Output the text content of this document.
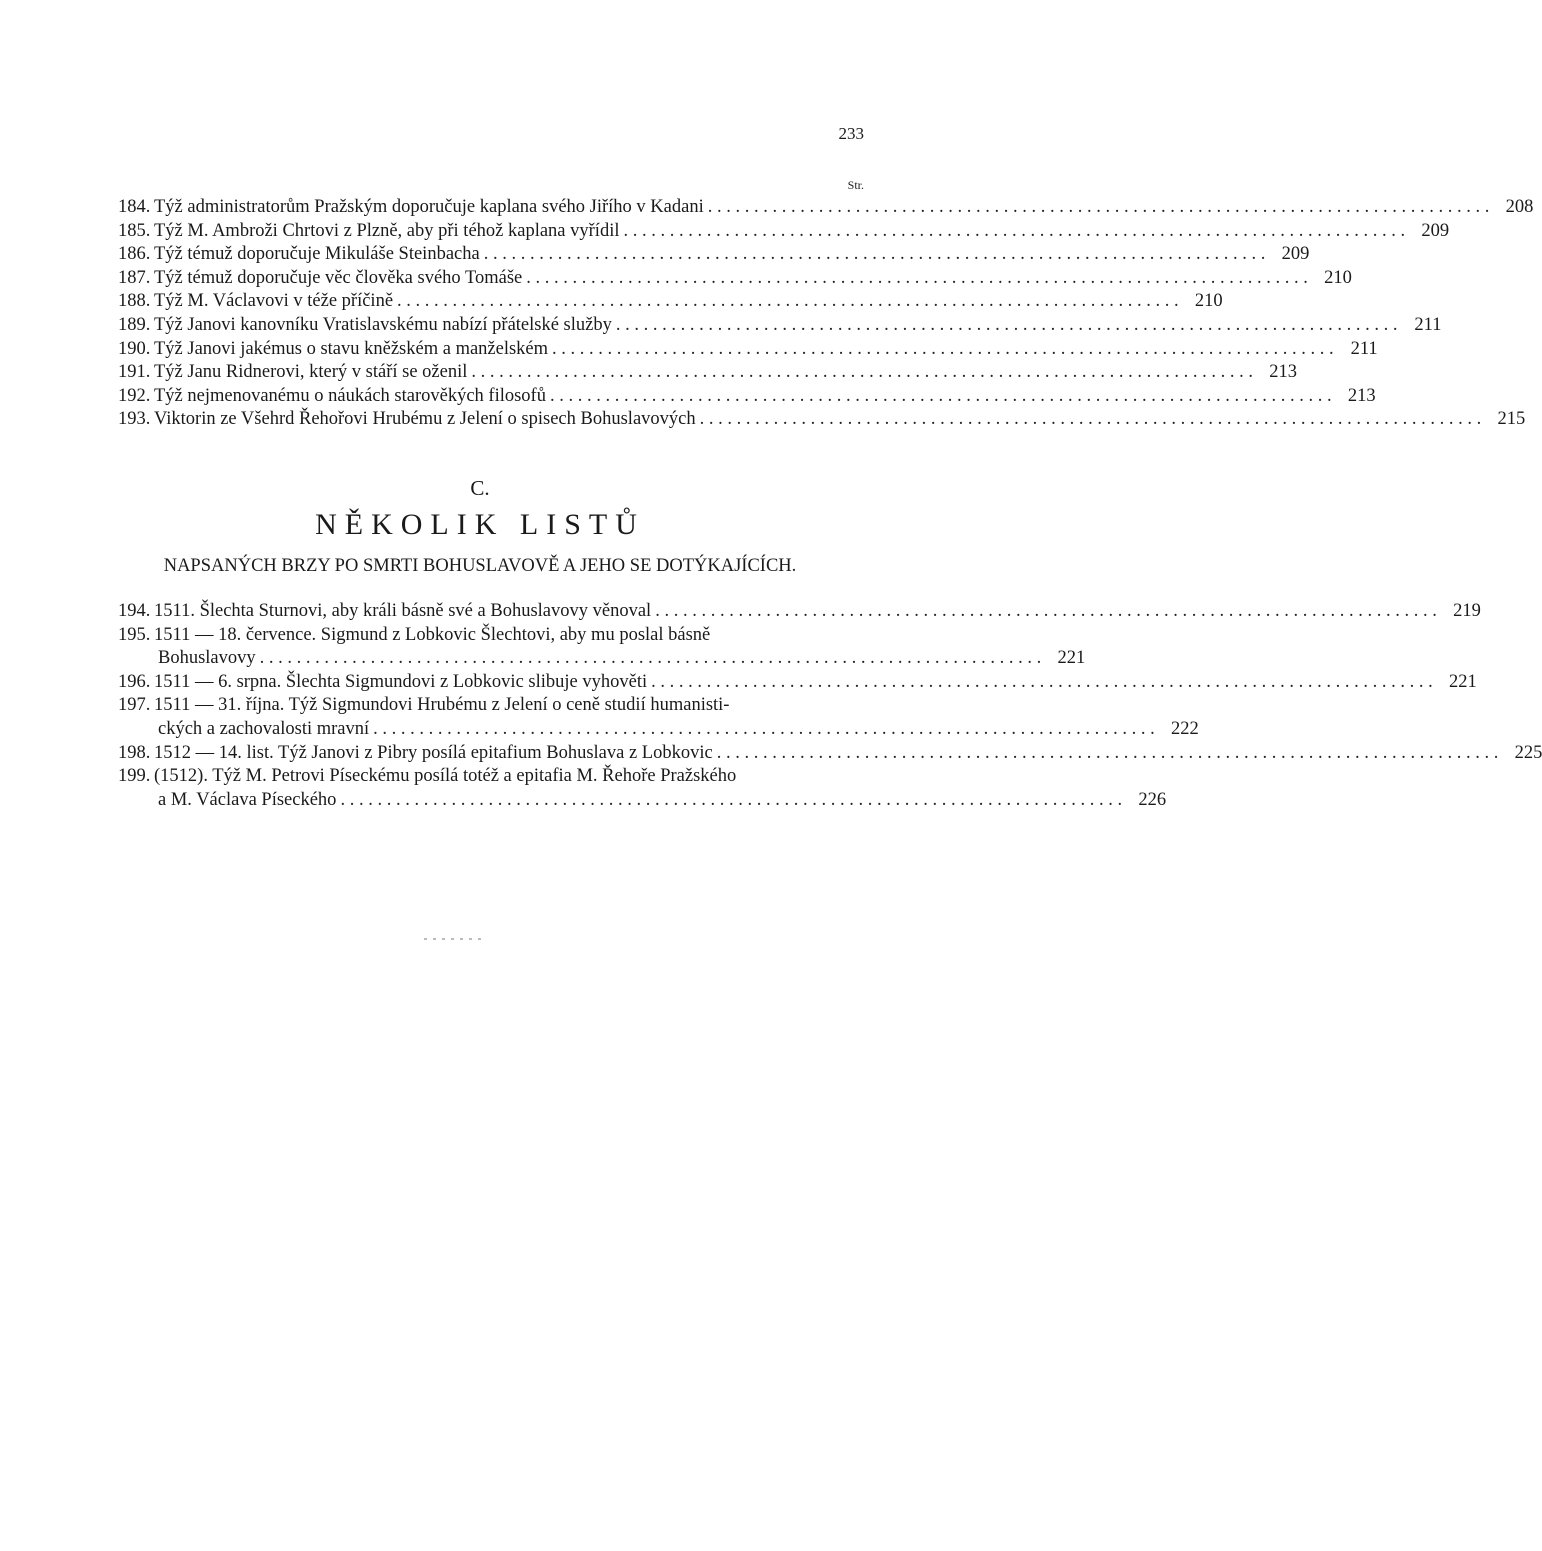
233
Str.
184. Týž administratorům Pražským doporučuje kaplana svého Jiřího v Kadani . . .	208
185. Týž M. Ambroži Chrtovi z Plzně, aby při téhož kaplana vyřídil . . .	209
186. Týž témuž doporučuje Mikuláše Steinbacha . . .	209
187. Týž témuž doporučuje věc člověka svého Tomáše . . .	210
188. Týž M. Václavovi v téže příčině . . .	210
189. Týž Janovi kanovníku Vratislavskému nabízí přátelské služby . . .	211
190. Týž Janovi jakémus o stavu kněžském a manželském . . .	211
191. Týž Janu Ridnerovi, který v stáří se oženil . . .	213
192. Týž nejmenovanému o náukách starověkých filosofů . . .	213
193. Viktorin ze Všehrd Řehořovi Hrubému z Jelení o spisech Bohuslavových . . .	215
C.
NĚKOLIK LISTŮ
NAPSANÝCH BRZY PO SMRTI BOHUSLAVOVĚ A JEHO SE DOTÝKAJÍCÍCH.
194. 1511. Šlechta Sturnovi, aby králi básně své a Bohuslavovy věnoval . . .	219
195. 1511 — 18. července. Sigmund z Lobkovic Šlechtovi, aby mu poslal básně
Bohuslavovy . . .	221
196. 1511 — 6. srpna. Šlechta Sigmundovi z Lobkovic slibuje vyhověti . . .	221
197. 1511 — 31. října. Týž Sigmundovi Hrubému z Jelení o ceně studií humanisti-
ckých a zachovalosti mravní . . .	222
198. 1512 — 14. list. Týž Janovi z Pibry posílá epitafium Bohuslava z Lobkovic . . .	225
199. (1512). Týž M. Petrovi Píseckému posílá totéž a epitafia M. Řehoře Pražského
a M. Václava Píseckého . . .	226
